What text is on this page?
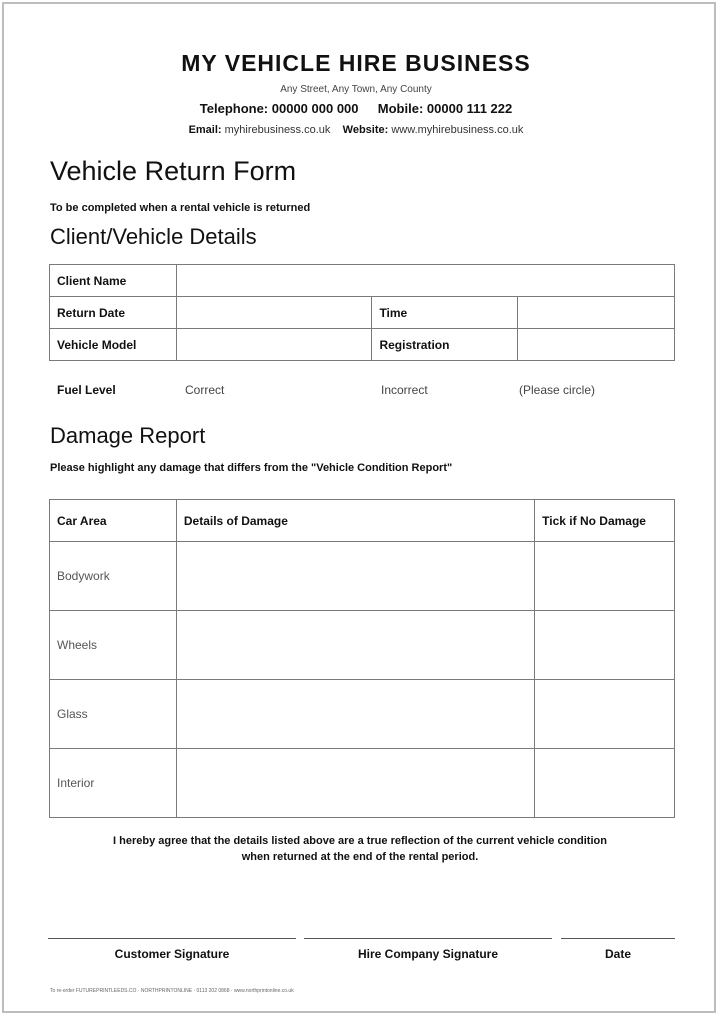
MY VEHICLE HIRE BUSINESS
Any Street, Any Town, Any County
Telephone: 00000 000 000 Mobile: 00000 111 222
Email: myhirebusiness.co.uk Website: www.myhirebusiness.co.uk
Vehicle Return Form
To be completed when a rental vehicle is returned
Client/Vehicle Details
Client Name			
Return Date		Time	
Vehicle Model		Registration	
Fuel Level	Correct	Incorrect	(Please circle)
Damage Report
Please highlight any damage that differs from the "Vehicle Condition Report"
Car Area	Details of Damage	Tick if No Damage
Bodywork		
Wheels		
Glass		
Interior		
I hereby agree that the details listed above are a true reflection of the current vehicle condition
when returned at the end of the rental period.
Customer Signature	Hire Company Signature	Date
To re-order FUTUREPRINTLEEDS.CO · NORTHPRINTONLINE · 0113 202 0868 · www.northprintonline.co.uk
